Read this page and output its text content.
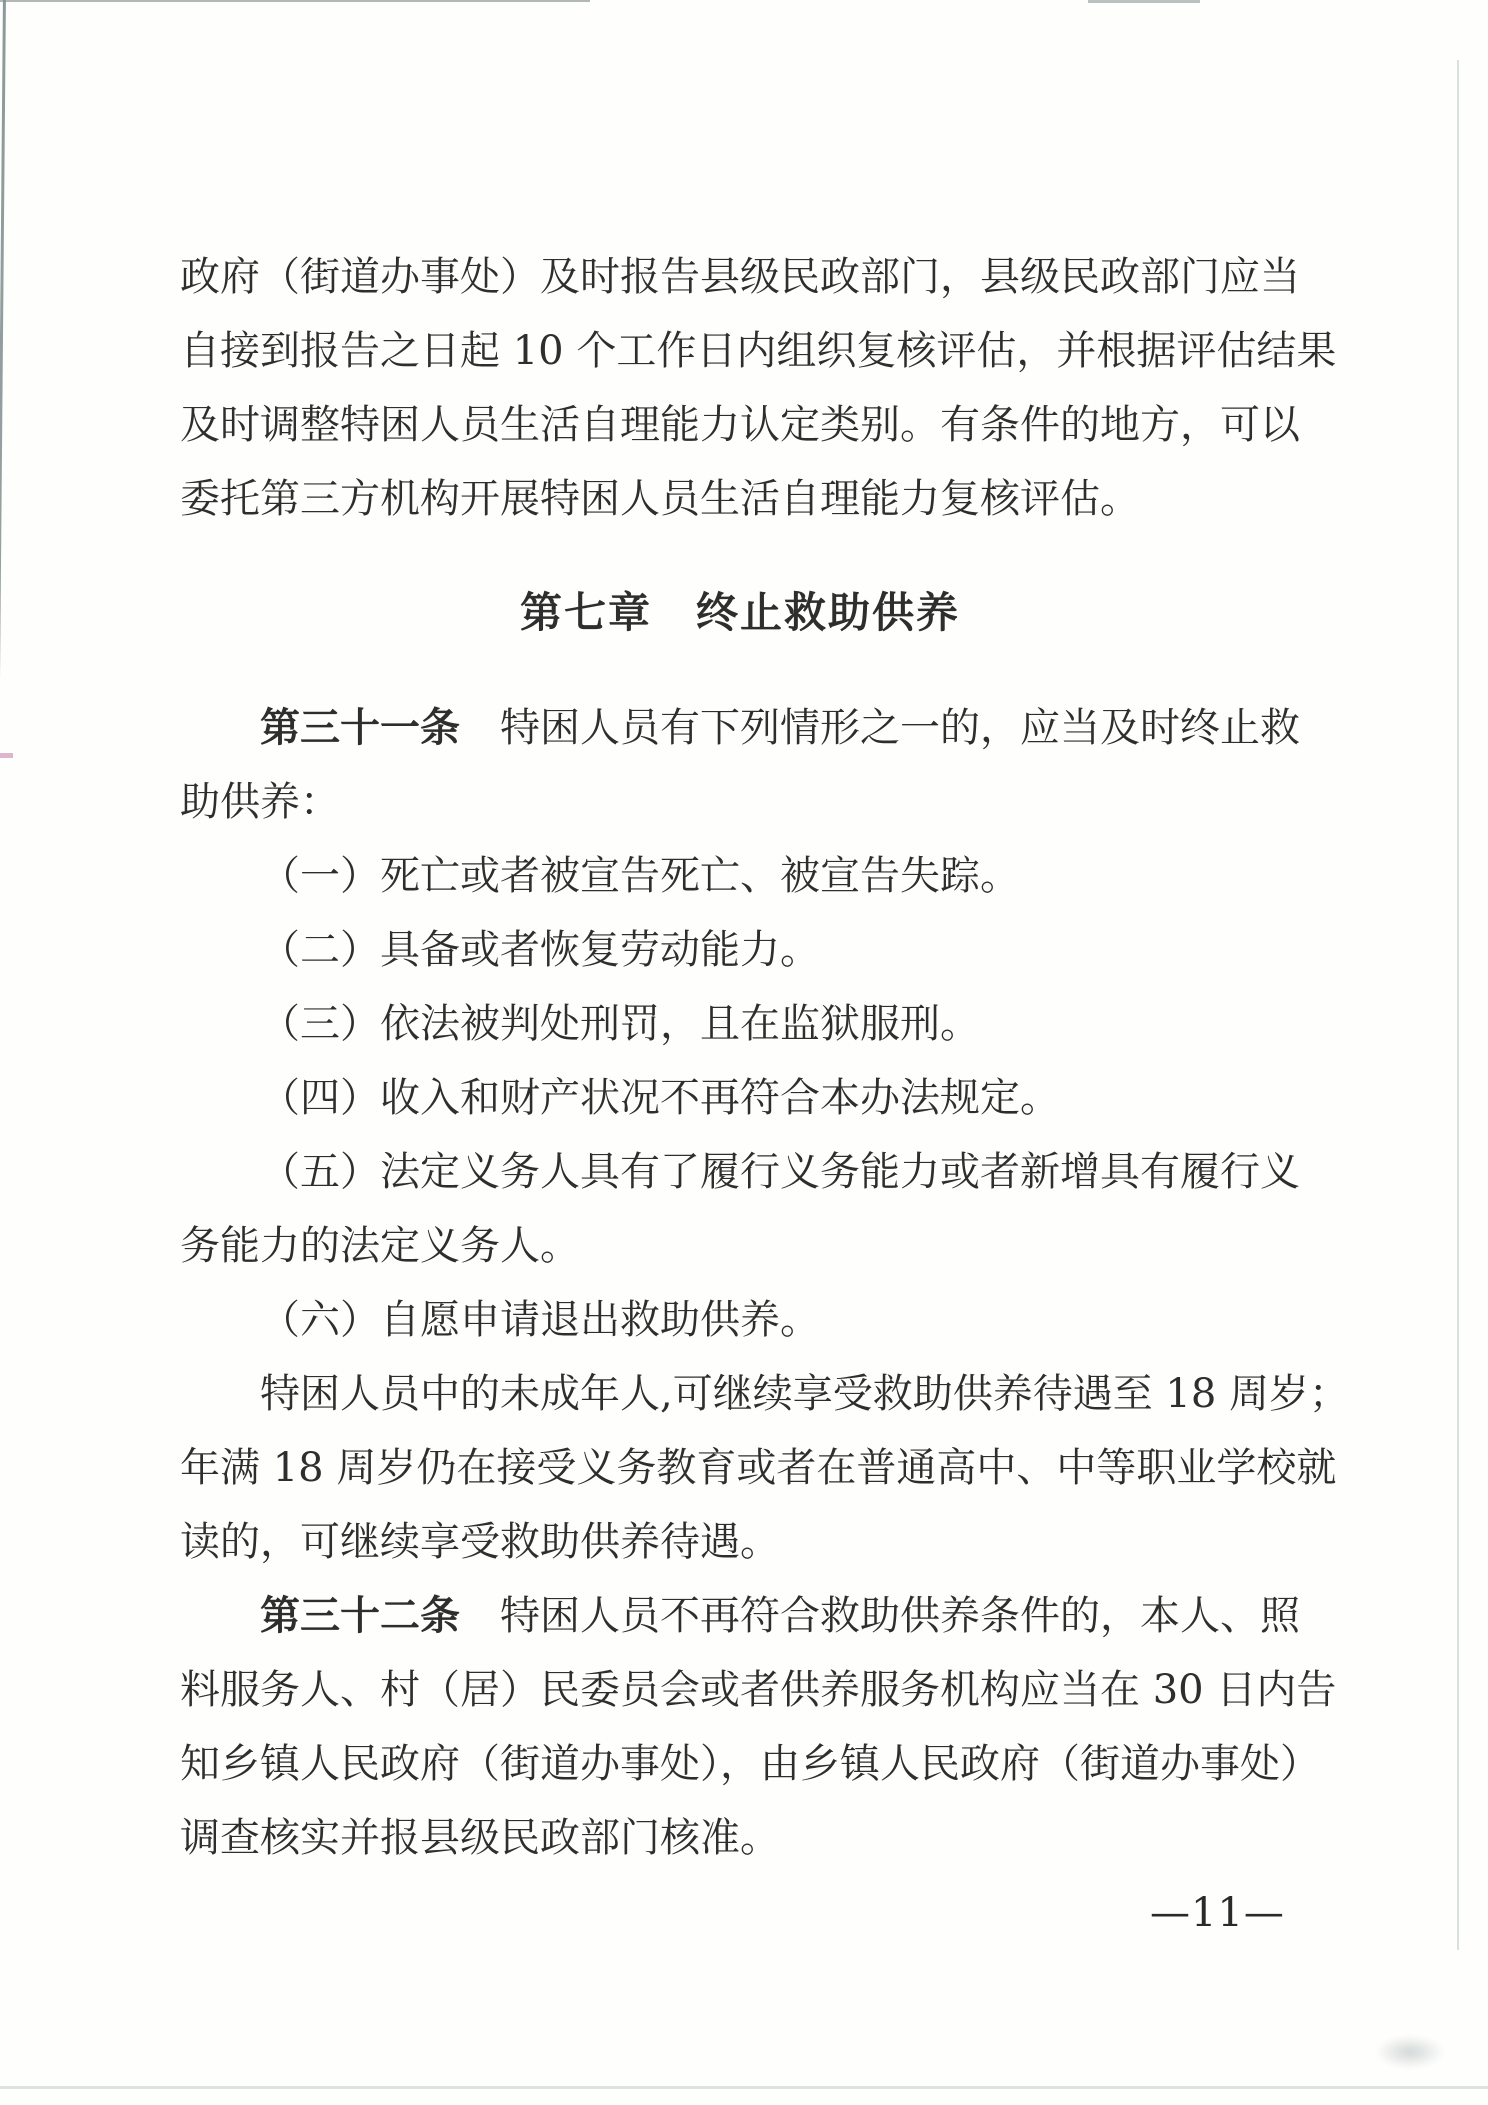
政府（街道办事处）及时报告县级民政部门，县级民政部门应当
自接到报告之日起 10 个工作日内组织复核评估，并根据评估结果
及时调整特困人员生活自理能力认定类别。有条件的地方，可以
委托第三方机构开展特困人员生活自理能力复核评估。
第七章　终止救助供养
第三十一条　特困人员有下列情形之一的，应当及时终止救
助供养：
（一）死亡或者被宣告死亡、被宣告失踪。
（二）具备或者恢复劳动能力。
（三）依法被判处刑罚，且在监狱服刑。
（四）收入和财产状况不再符合本办法规定。
（五）法定义务人具有了履行义务能力或者新增具有履行义
务能力的法定义务人。
（六）自愿申请退出救助供养。
特困人员中的未成年人,可继续享受救助供养待遇至 18 周岁；
年满 18 周岁仍在接受义务教育或者在普通高中、中等职业学校就
读的，可继续享受救助供养待遇。
第三十二条　特困人员不再符合救助供养条件的，本人、照
料服务人、村（居）民委员会或者供养服务机构应当在 30 日内告
知乡镇人民政府（街道办事处），由乡镇人民政府（街道办事处）
调查核实并报县级民政部门核准。
—11—
